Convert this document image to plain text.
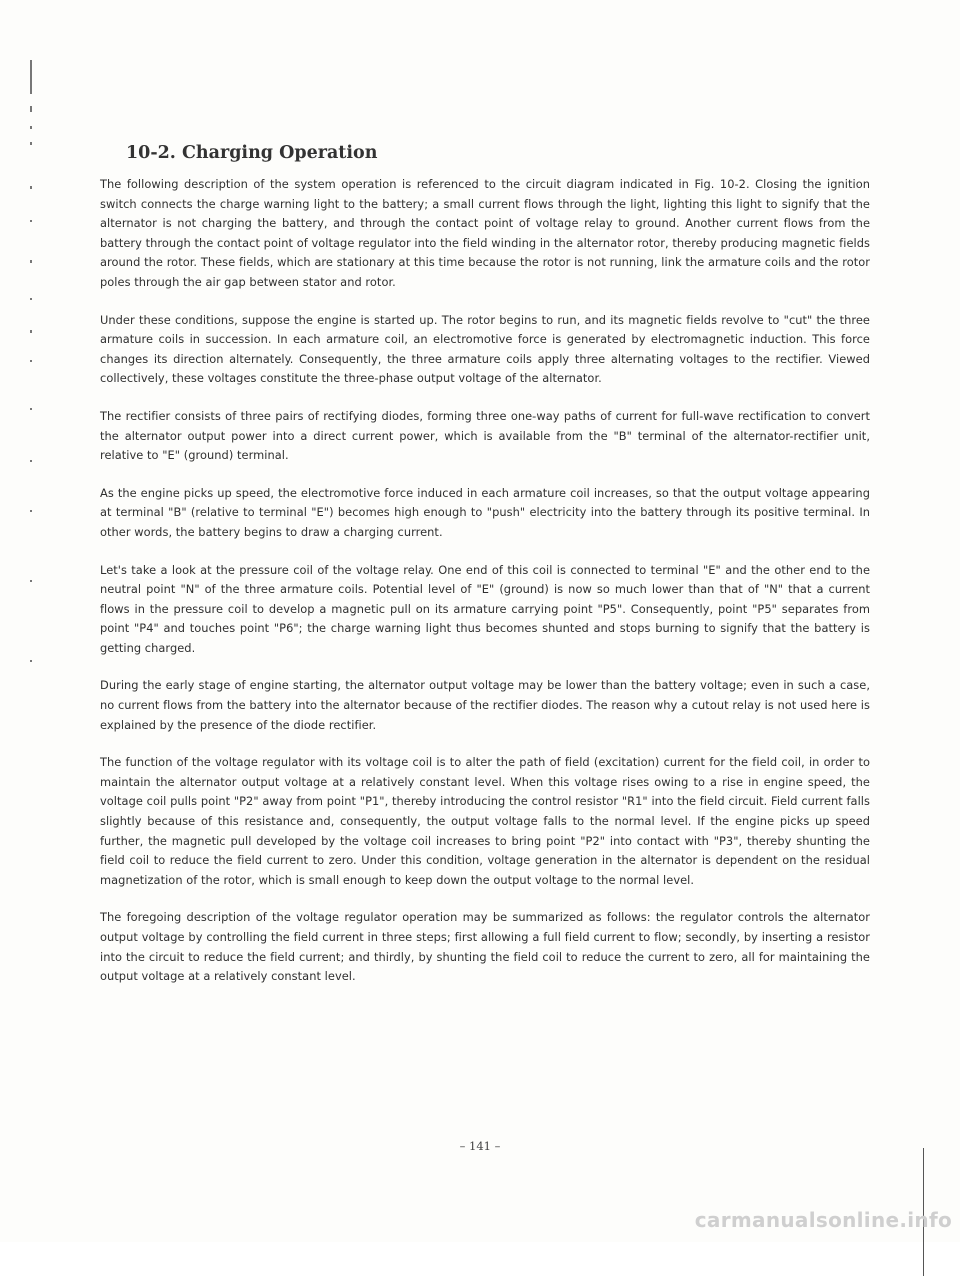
10-2. Charging Operation

The following description of the system operation is referenced to the circuit diagram indicated in Fig. 10-2. Closing the ignition switch connects the charge warning light to the battery; a small current flows through the light, lighting this light to signify that the alternator is not charging the battery, and through the contact point of voltage relay to ground. Another current flows from the battery through the contact point of voltage regulator into the field winding in the alternator rotor, thereby producing magnetic fields around the rotor. These fields, which are stationary at this time because the rotor is not running, link the armature coils and the rotor poles through the air gap between stator and rotor.

Under these conditions, suppose the engine is started up. The rotor begins to run, and its magnetic fields revolve to "cut" the three armature coils in succession. In each armature coil, an electromotive force is generated by electromagnetic induction. This force changes its direction alternately. Consequently, the three armature coils apply three alternating voltages to the rectifier. Viewed collectively, these voltages constitute the three-phase output voltage of the alternator.

The rectifier consists of three pairs of rectifying diodes, forming three one-way paths of current for full-wave rectification to convert the alternator output power into a direct current power, which is available from the "B" terminal of the alternator-rectifier unit, relative to "E" (ground) terminal.

As the engine picks up speed, the electromotive force induced in each armature coil increases, so that the output voltage appearing at terminal "B" (relative to terminal "E") becomes high enough to "push" electricity into the battery through its positive terminal. In other words, the battery begins to draw a charging current.

Let's take a look at the pressure coil of the voltage relay. One end of this coil is connected to terminal "E" and the other end to the neutral point "N" of the three armature coils. Potential level of "E" (ground) is now so much lower than that of "N" that a current flows in the pressure coil to develop a magnetic pull on its armature carrying point "P5". Consequently, point "P5" separates from point "P4" and touches point "P6"; the charge warning light thus becomes shunted and stops burning to signify that the battery is getting charged.

During the early stage of engine starting, the alternator output voltage may be lower than the battery voltage; even in such a case, no current flows from the battery into the alternator because of the rectifier diodes. The reason why a cutout relay is not used here is explained by the presence of the diode rectifier.

The function of the voltage regulator with its voltage coil is to alter the path of field (excitation) current for the field coil, in order to maintain the alternator output voltage at a relatively constant level. When this voltage rises owing to a rise in engine speed, the voltage coil pulls point "P2" away from point "P1", thereby introducing the control resistor "R1" into the field circuit. Field current falls slightly because of this resistance and, consequently, the output voltage falls to the normal level. If the engine picks up speed further, the magnetic pull developed by the voltage coil increases to bring point "P2" into contact with "P3", thereby shunting the field coil to reduce the field current to zero. Under this condition, voltage generation in the alternator is dependent on the residual magnetization of the rotor, which is small enough to keep down the output voltage to the normal level.

The foregoing description of the voltage regulator operation may be summarized as follows: the regulator controls the alternator output voltage by controlling the field current in three steps; first allowing a full field current to flow; secondly, by inserting a resistor into the circuit to reduce the field current; and thirdly, by shunting the field coil to reduce the current to zero, all for maintaining the output voltage at a relatively constant level.

– 141 –
carmanualsonline.info
